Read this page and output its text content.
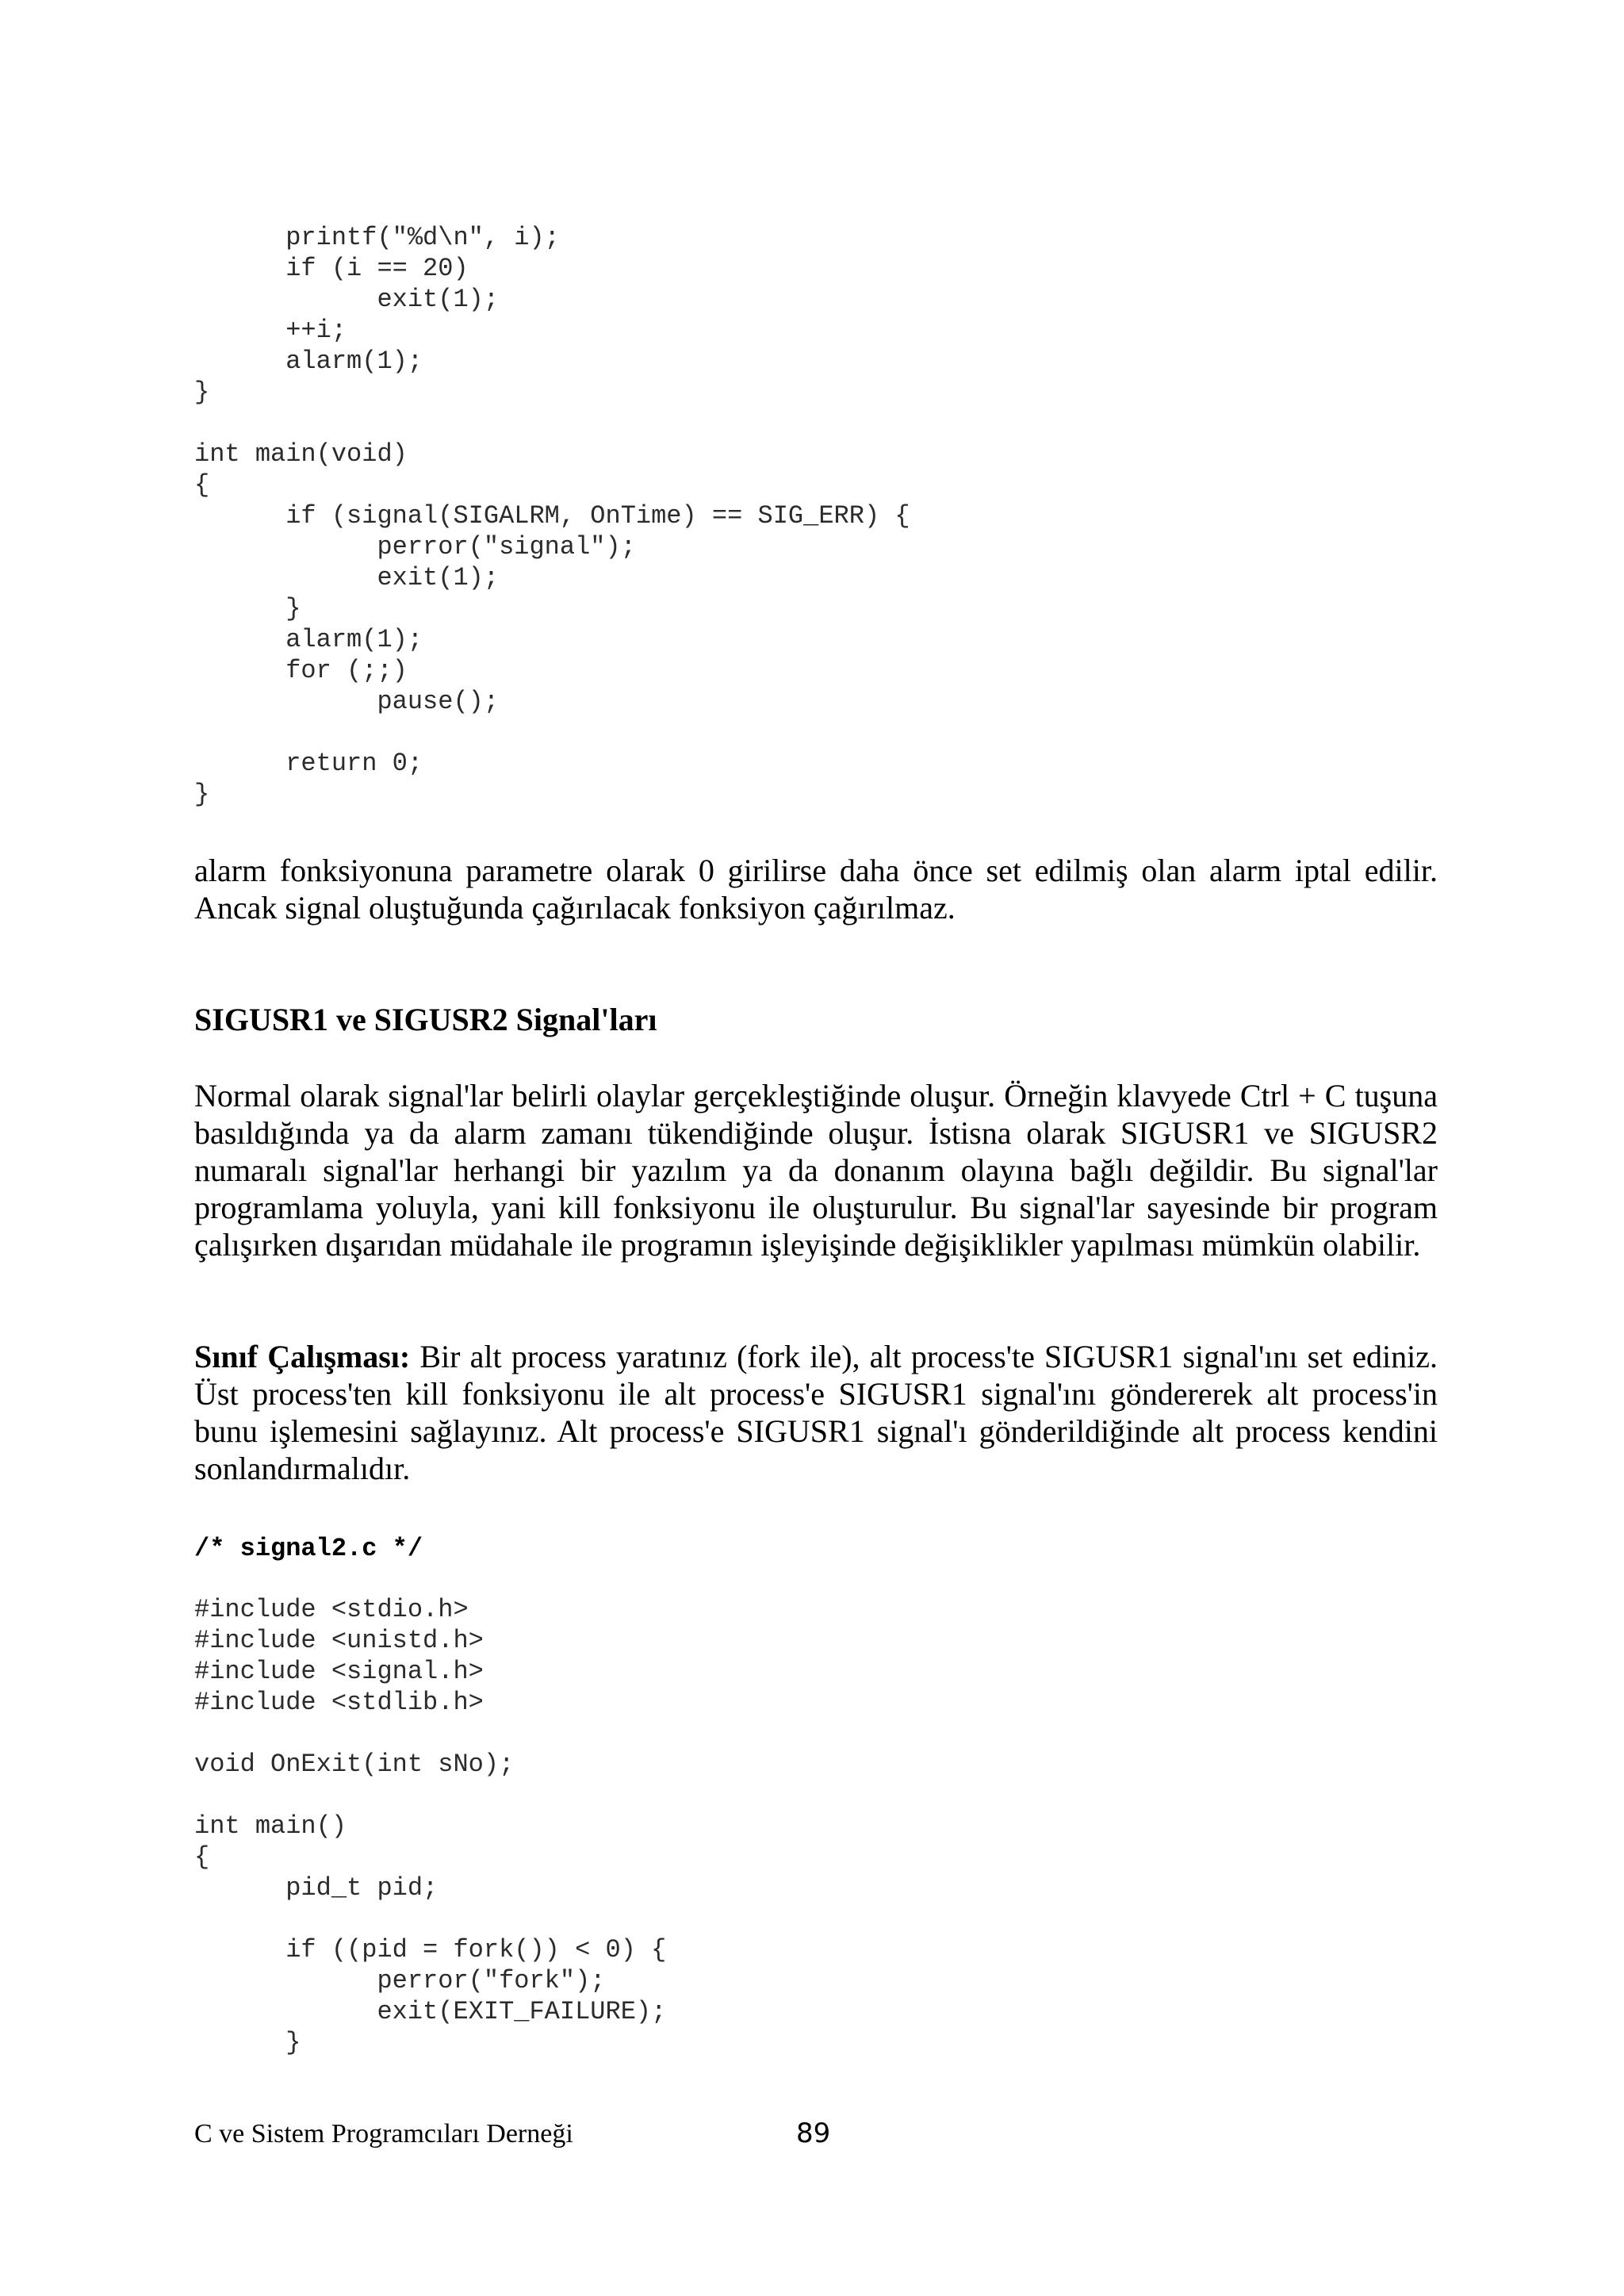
printf("%d\n", i);
if (i == 20)
exit(1);
++i;
alarm(1);
}
int main(void)
{
if (signal(SIGALRM, OnTime) == SIG_ERR) {
perror("signal");
exit(1);
}
alarm(1);
for (;;)
pause();
return 0;
}

alarm fonksiyonuna parametre olarak 0 girilirse daha önce set edilmiş olan alarm iptal edilir. Ancak signal oluştuğunda çağırılacak fonksiyon çağırılmaz.

SIGUSR1 ve SIGUSR2 Signal'ları

Normal olarak signal'lar belirli olaylar gerçekleştiğinde oluşur. Örneğin klavyede Ctrl + C tuşuna basıldığında ya da alarm zamanı tükendiğinde oluşur. İstisna olarak SIGUSR1 ve SIGUSR2 numaralı signal'lar herhangi bir yazılım ya da donanım olayına bağlı değildir. Bu signal'lar programlama yoluyla, yani kill fonksiyonu ile oluşturulur. Bu signal'lar sayesinde bir program çalışırken dışarıdan müdahale ile programın işleyişinde değişiklikler yapılması mümkün olabilir.

Sınıf Çalışması: Bir alt process yaratınız (fork ile), alt process'te SIGUSR1 signal'ını set ediniz. Üst process'ten kill fonksiyonu ile alt process'e SIGUSR1 signal'ını göndererek alt process'in bunu işlemesini sağlayınız. Alt process'e SIGUSR1 signal'ı gönderildiğinde alt process kendini sonlandırmalıdır.

/* signal2.c */
#include <stdio.h>
#include <unistd.h>
#include <signal.h>
#include <stdlib.h>
void OnExit(int sNo);
int main()
{
pid_t pid;
if ((pid = fork()) < 0) {
perror("fork");
exit(EXIT_FAILURE);
}
C ve Sistem Programcıları Derneği	89
